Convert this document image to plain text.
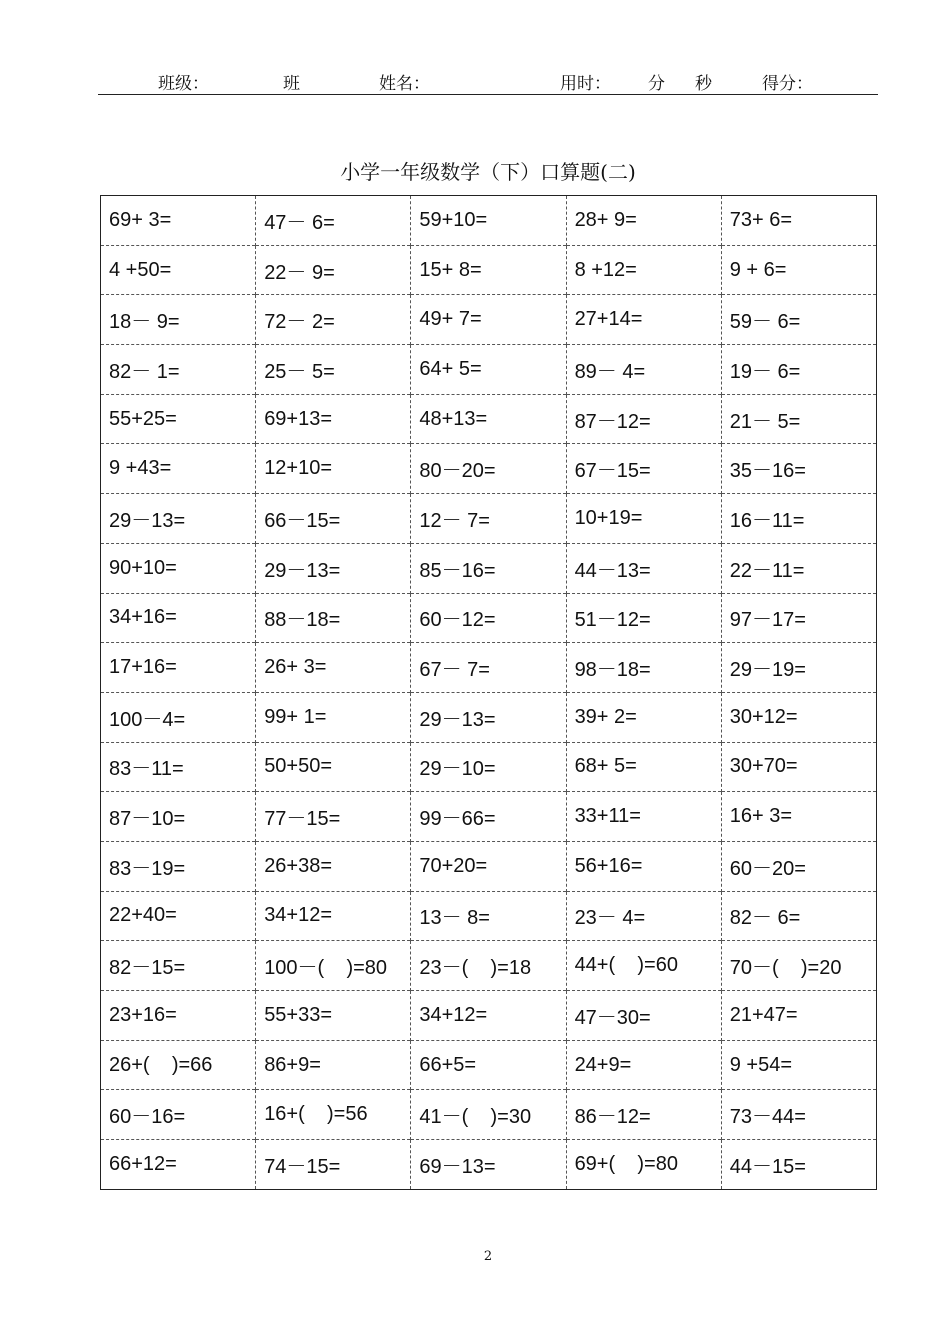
班级：	班	姓名：	用时： 分 秒	得分：
小学一年级数学（下）口算题(二)
69+ 3=	47－ 6=	59+10=	28+ 9=	73+ 6=
4 +50=	22－ 9=	15+ 8=	8 +12=	9 + 6=
18－ 9=	72－ 2=	49+ 7=	27+14=	59－ 6=
82－ 1=	25－ 5=	64+ 5=	89－ 4=	19－ 6=
55+25=	69+13=	48+13=	87－12=	21－ 5=
9 +43=	12+10=	80－20=	67－15=	35－16=
29－13=	66－15=	12－ 7=	10+19=	16－11=
90+10=	29－13=	85－16=	44－13=	22－11=
34+16=	88－18=	60－12=	51－12=	97－17=
17+16=	26+ 3=	67－ 7=	98－18=	29－19=
100－4=	99+ 1=	29－13=	39+ 2=	30+12=
83－11=	50+50=	29－10=	68+ 5=	30+70=
87－10=	77－15=	99－66=	33+11=	16+ 3=
83－19=	26+38=	70+20=	56+16=	60－20=
22+40=	34+12=	13－ 8=	23－ 4=	82－ 6=
82－15=	100－(    )=80	23－(    )=18	44+(    )=60	70－(    )=20
23+16=	55+33=	34+12=	47－30=	21+47=
26+(    )=66	86+9=	66+5=	24+9=	9 +54=
60－16=	16+(    )=56	41－(    )=30	86－12=	73－44=
66+12=	74－15=	69－13=	69+(    )=80	44－15=
2
